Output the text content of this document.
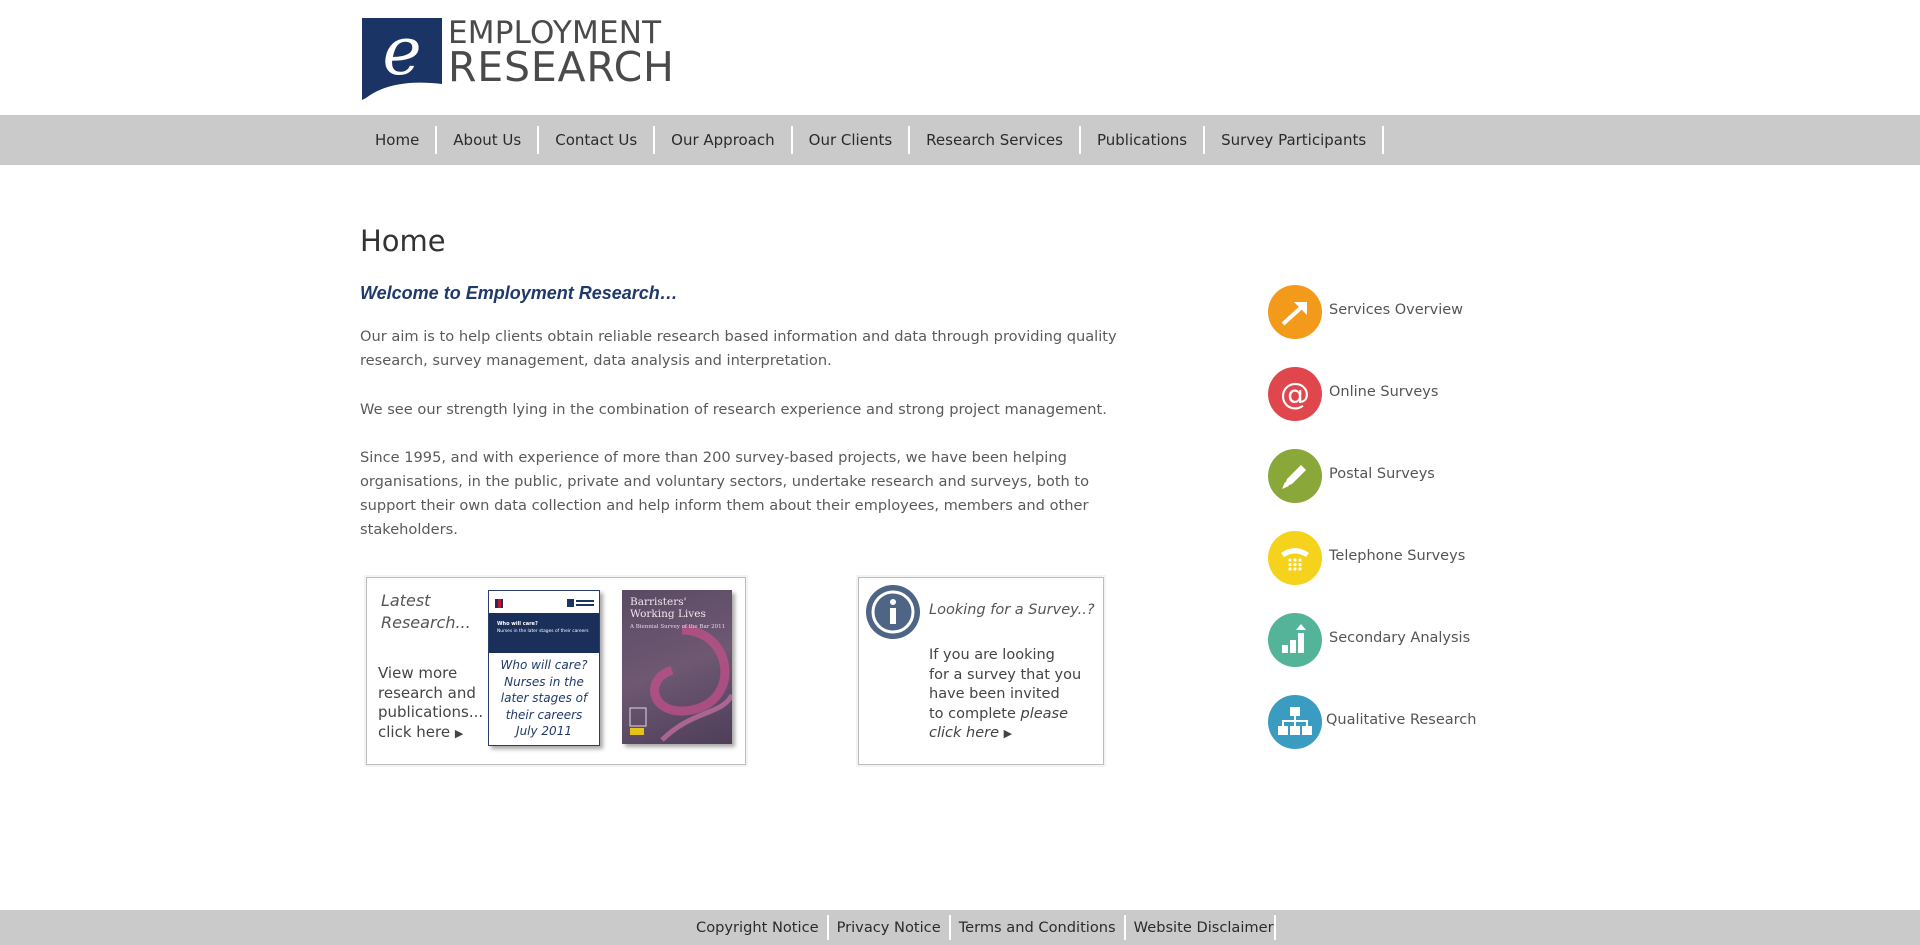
e EMPLOYMENT
RESEARCH
Home	About Us	Contact Us	Our Approach	Our Clients	Research Services	Publications	Survey Participants
Home
Welcome to Employment Research…

Our aim is to help clients obtain reliable research based information and data through providing quality research, survey management, data analysis and interpretation.

We see our strength lying in the combination of research experience and strong project management.

Since 1995, and with experience of more than 200 survey-based projects, we have been helping organisations, in the public, private and voluntary sectors, undertake research and surveys, both to support their own data collection and help inform them about their employees, members and other stakeholders.

Latest
Research...
View more
research and
publications...
click here ▶
Who will care?
Nurses in the later stages of their careers
Who will care?
Nurses in the
later stages of
their careers
July 2011
Barristers'
Working Lives
A Biennial Survey of the Bar 2011
Looking for a Survey..?
If you are looking
for a survey that you
have been invited
to complete please
click here ▶
Services Overview
@ Online Surveys
Postal Surveys
Telephone Surveys
Secondary Analysis
Qualitative Research
Copyright Notice	Privacy Notice	Terms and Conditions	Website Disclaimer
